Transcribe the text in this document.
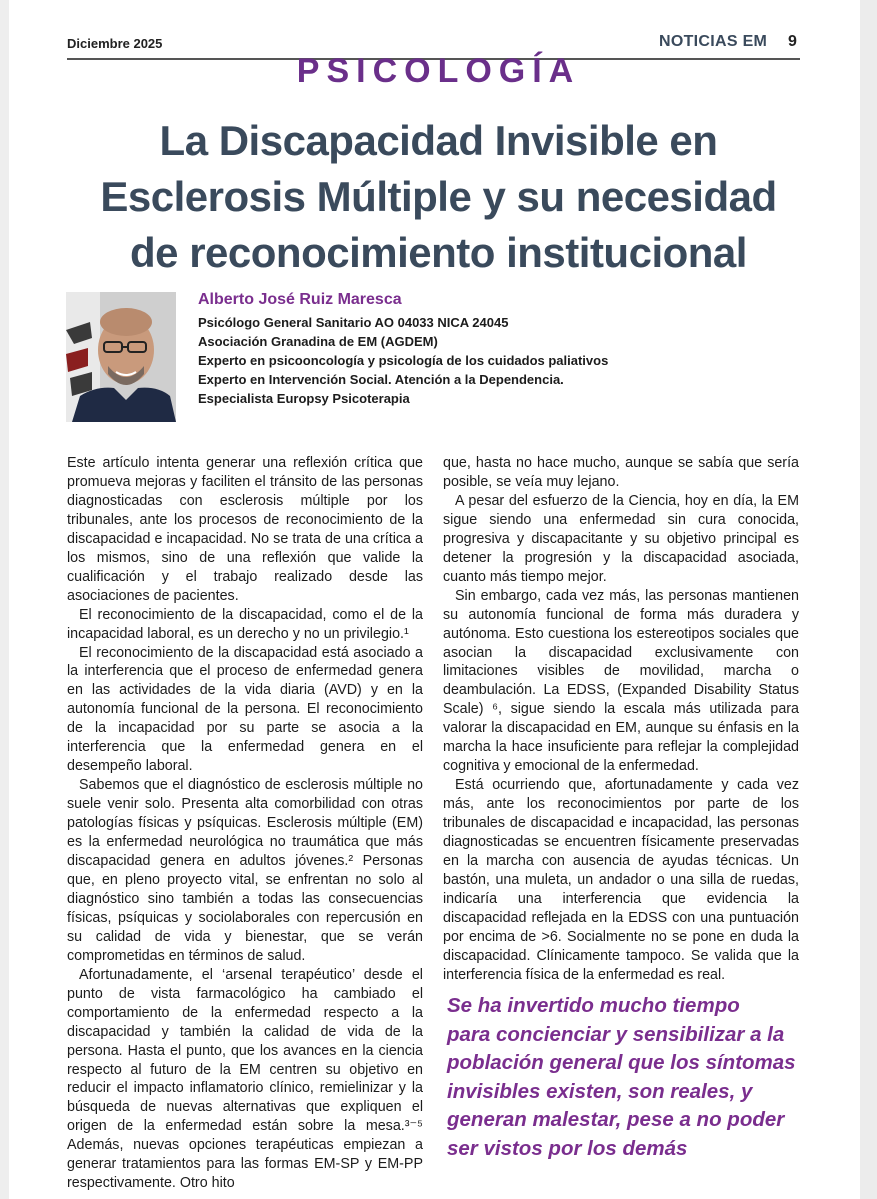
Diciembre 2025	NOTICIAS EM 9
PSICOLOGÍA
La Discapacidad Invisible en
Esclerosis Múltiple y su necesidad
de reconocimiento institucional
Alberto José Ruiz Maresca
Psicólogo General Sanitario AO 04033 NICA 24045
Asociación Granadina de EM (AGDEM)
Experto en psicooncología y psicología de los cuidados paliativos
Experto en Intervención Social. Atención a la Dependencia.
Especialista Europsy Psicoterapia

Este artículo intenta generar una reflexión crítica que promueva mejoras y faciliten el tránsito de las personas diagnosticadas con esclerosis múltiple por los tribunales, ante los procesos de reconocimiento de la discapacidad e incapacidad. No se trata de una crítica a los mismos, sino de una reflexión que valide la cualificación y el trabajo realizado desde las asociaciones de pacientes.

El reconocimiento de la discapacidad, como el de la incapacidad laboral, es un derecho y no un privilegio.¹

El reconocimiento de la discapacidad está asociado a la interferencia que el proceso de enfermedad genera en las actividades de la vida diaria (AVD) y en la autonomía funcional de la persona. El reconocimiento de la incapacidad por su parte se asocia a la interferencia que la enfermedad genera en el desempeño laboral.

Sabemos que el diagnóstico de esclerosis múltiple no suele venir solo. Presenta alta comorbilidad con otras patologías físicas y psíquicas. Esclerosis múltiple (EM) es la enfermedad neurológica no traumática que más discapacidad genera en adultos jóvenes.² Personas que, en pleno proyecto vital, se enfrentan no solo al diagnóstico sino también a todas las consecuencias físicas, psíquicas y sociolaborales con repercusión en su calidad de vida y bienestar, que se verán comprometidas en términos de salud.

Afortunadamente, el ‘arsenal terapéutico’ desde el punto de vista farmacológico ha cambiado el comportamiento de la enfermedad respecto a la discapacidad y también la calidad de vida de la persona. Hasta el punto, que los avances en la ciencia respecto al futuro de la EM centren su objetivo en reducir el impacto inflamatorio clínico, remielinizar y la búsqueda de nuevas alternativas que expliquen el origen de la enfermedad están sobre la mesa.³⁻⁵ Además, nuevas opciones terapéuticas empiezan a generar tratamientos para las formas EM-SP y EM-PP respectivamente. Otro hito

que, hasta no hace mucho, aunque se sabía que sería posible, se veía muy lejano.

A pesar del esfuerzo de la Ciencia, hoy en día, la EM sigue siendo una enfermedad sin cura conocida, progresiva y discapacitante y su objetivo principal es detener la progresión y la discapacidad asociada, cuanto más tiempo mejor.

Sin embargo, cada vez más, las personas mantienen su autonomía funcional de forma más duradera y autónoma. Esto cuestiona los estereotipos sociales que asocian la discapacidad exclusivamente con limitaciones visibles de movilidad, marcha o deambulación. La EDSS, (Expanded Disability Status Scale) ⁶, sigue siendo la escala más utilizada para valorar la discapacidad en EM, aunque su énfasis en la marcha la hace insuficiente para reflejar la complejidad cognitiva y emocional de la enfermedad.

Está ocurriendo que, afortunadamente y cada vez más, ante los reconocimientos por parte de los tribunales de discapacidad e incapacidad, las personas diagnosticadas se encuentren físicamente preservadas en la marcha con ausencia de ayudas técnicas. Un bastón, una muleta, un andador o una silla de ruedas, indicaría una interferencia que evidencia la discapacidad reflejada en la EDSS con una puntuación por encima de >6. Socialmente no se pone en duda la discapacidad. Clínicamente tampoco. Se valida que la interferencia física de la enfermedad es real.

Se ha invertido mucho tiempo
para concienciar y sensibilizar a la
población general que los síntomas
invisibles existen, son reales, y
generan malestar, pese a no poder
ser vistos por los demás
